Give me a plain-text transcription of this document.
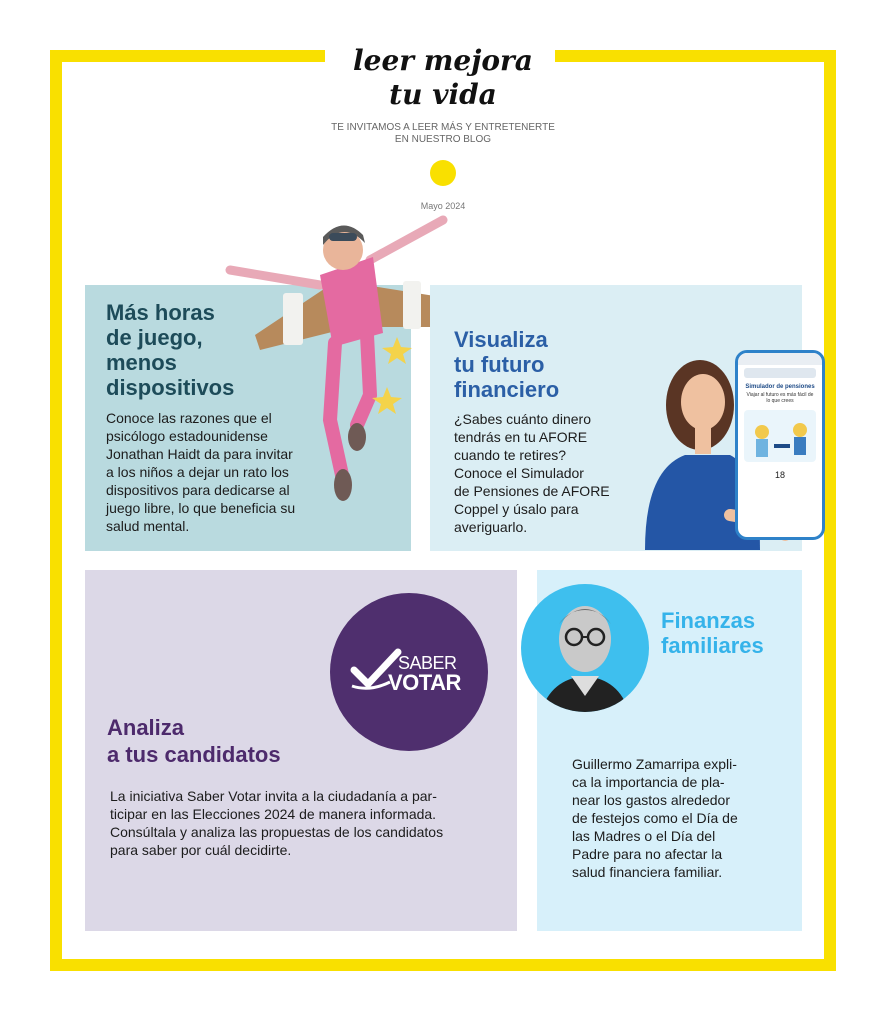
leer mejora
tu vida
TE INVITAMOS A LEER MÁS Y ENTRETENERTE
EN NUESTRO BLOG
Mayo 2024
Más horas
de juego,
menos
dispositivos
Conoce las razones que el
psicólogo estadounidense
Jonathan Haidt da para invitar
a los niños a dejar un rato los
dispositivos para dedicarse al
juego libre, lo que beneficia su
salud mental.
Visualiza
tu futuro
financiero
¿Sabes cuánto dinero
tendrás en tu AFORE
cuando te retires?
Conoce el Simulador
de Pensiones de AFORE
Coppel y úsalo para
averiguarlo.
Simulador de pensiones
Viajar al futuro es más fácil de lo que crees
18
SABER
VOTAR
Analiza
a tus candidatos
La iniciativa Saber Votar invita a la ciudadanía a par-
ticipar en las Elecciones 2024 de manera informada.
Consúltala y analiza las propuestas de los candidatos
para saber por cuál decidirte.
Finanzas
familiares
Guillermo Zamarripa expli-
ca la importancia de pla-
near los gastos alrededor
de festejos como el Día de
las Madres o el Día del
Padre para no afectar la
salud financiera familiar.
